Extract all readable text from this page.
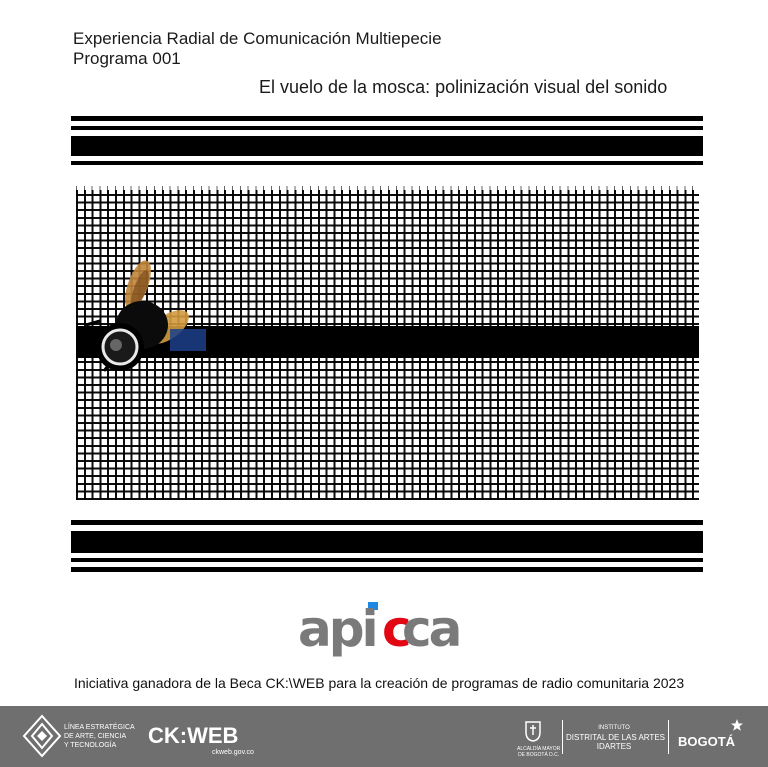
Experiencia Radial de Comunicación Multiepecie
Programa 001
El vuelo de la mosca: polinización visual del sonido
api c
ca
Iniciativa ganadora de la Beca CK:\WEB para la creación de programas de radio comunitaria 2023
LÍNEA ESTRATÉGICA
DE ARTE, CIENCIA
Y TECNOLOGÍA	CK:WEB
ckweb.gov.co	ALCALDÍA MAYOR
DE BOGOTÁ D.C.
INSTITUTO
DISTRITAL DE LAS ARTES
IDARTES	BOGOTÁ
